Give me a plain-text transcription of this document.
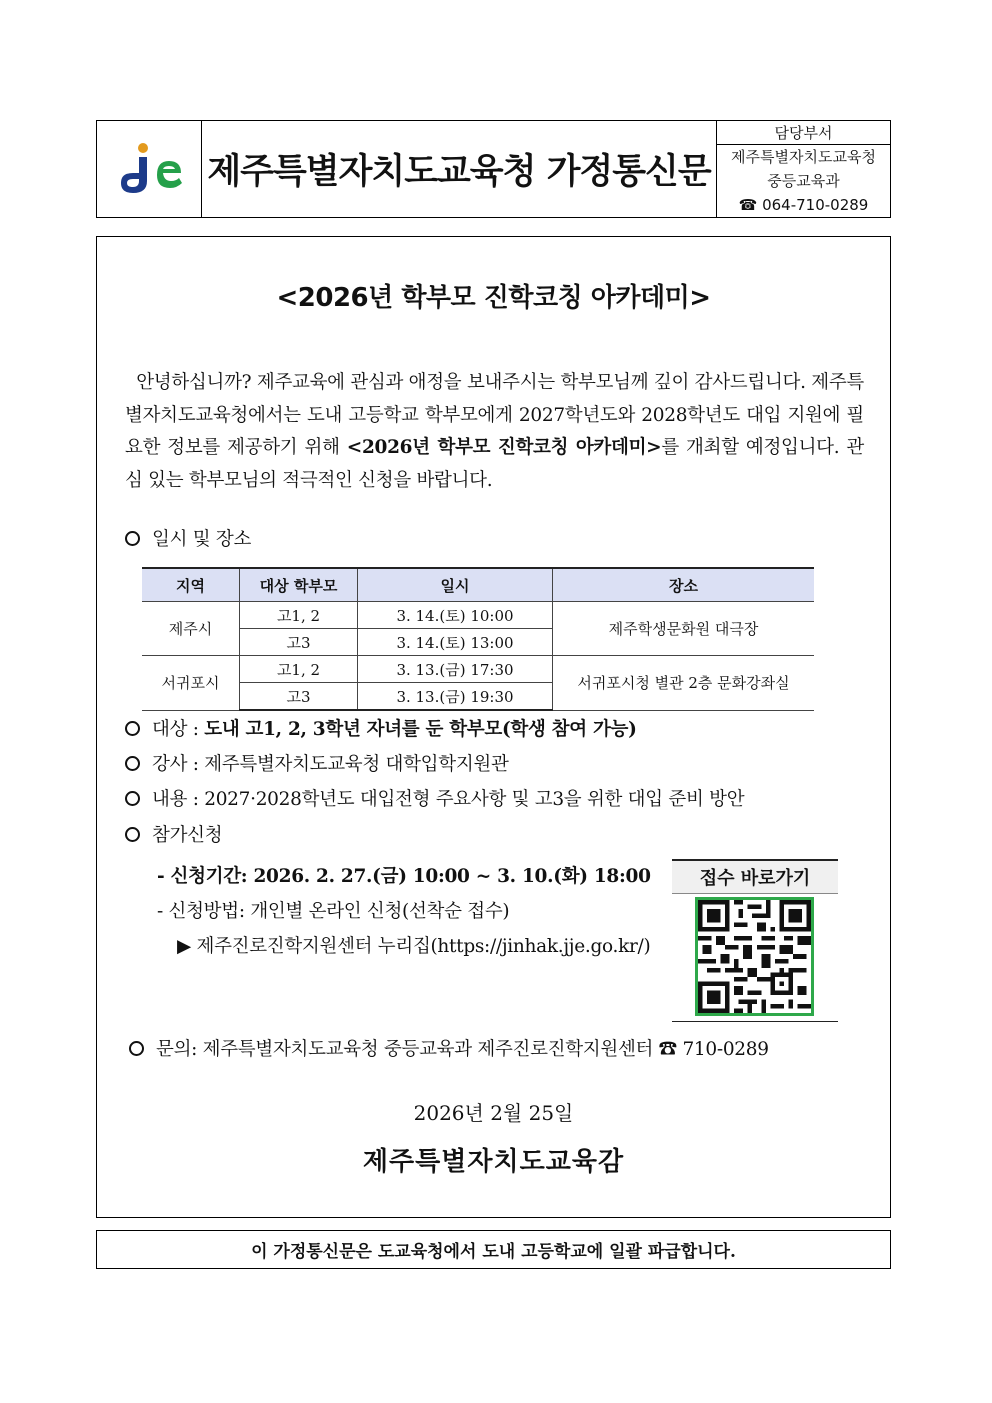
제주특별자치도교육청 가정통신문
담당부서
제주특별자치도교육청
중등교육과
☎ 064-710-0289
<2026년 학부모 진학코칭 아카데미>
안녕하십니까? 제주교육에 관심과 애정을 보내주시는 학부모님께 깊이 감사드립니다. 제주특별자치도교육청에서는 도내 고등학교 학부모에게 2027학년도와 2028학년도 대입 지원에 필요한 정보를 제공하기 위해 <2026년 학부모 진학코칭 아카데미>를 개최할 예정입니다. 관심 있는 학부모님의 적극적인 신청을 바랍니다.
일시 및 장소
지역	대상 학부모	일시	장소
제주시	고1, 2	3. 14.(토) 10:00	제주학생문화원 대극장
	고3	3. 14.(토) 13:00	
서귀포시	고1, 2	3. 13.(금) 17:30	서귀포시청 별관 2층 문화강좌실
	고3	3. 13.(금) 19:30	
대상 :
도내 고1, 2, 3학년 자녀를 둔 학부모(학생 참여 가능)
강사 : 제주특별자치도교육청 대학입학지원관
내용 : 2027·2028학년도 대입전형 주요사항 및 고3을 위한 대입 준비 방안
참가신청
- 신청기간: 2026. 2. 27.(금) 10:00 ~ 3. 10.(화) 18:00
- 신청방법: 개인별 온라인 신청(선착순 접수)
▶ 제주진로진학지원센터 누리집(https://jinhak.jje.go.kr/)
접수 바로가기
문의: 제주특별자치도교육청 중등교육과 제주진로진학지원센터 ☎ 710-0289
2026년 2월 25일
제주특별자치도교육감
이 가정통신문은 도교육청에서 도내 고등학교에 일괄 파급합니다.
